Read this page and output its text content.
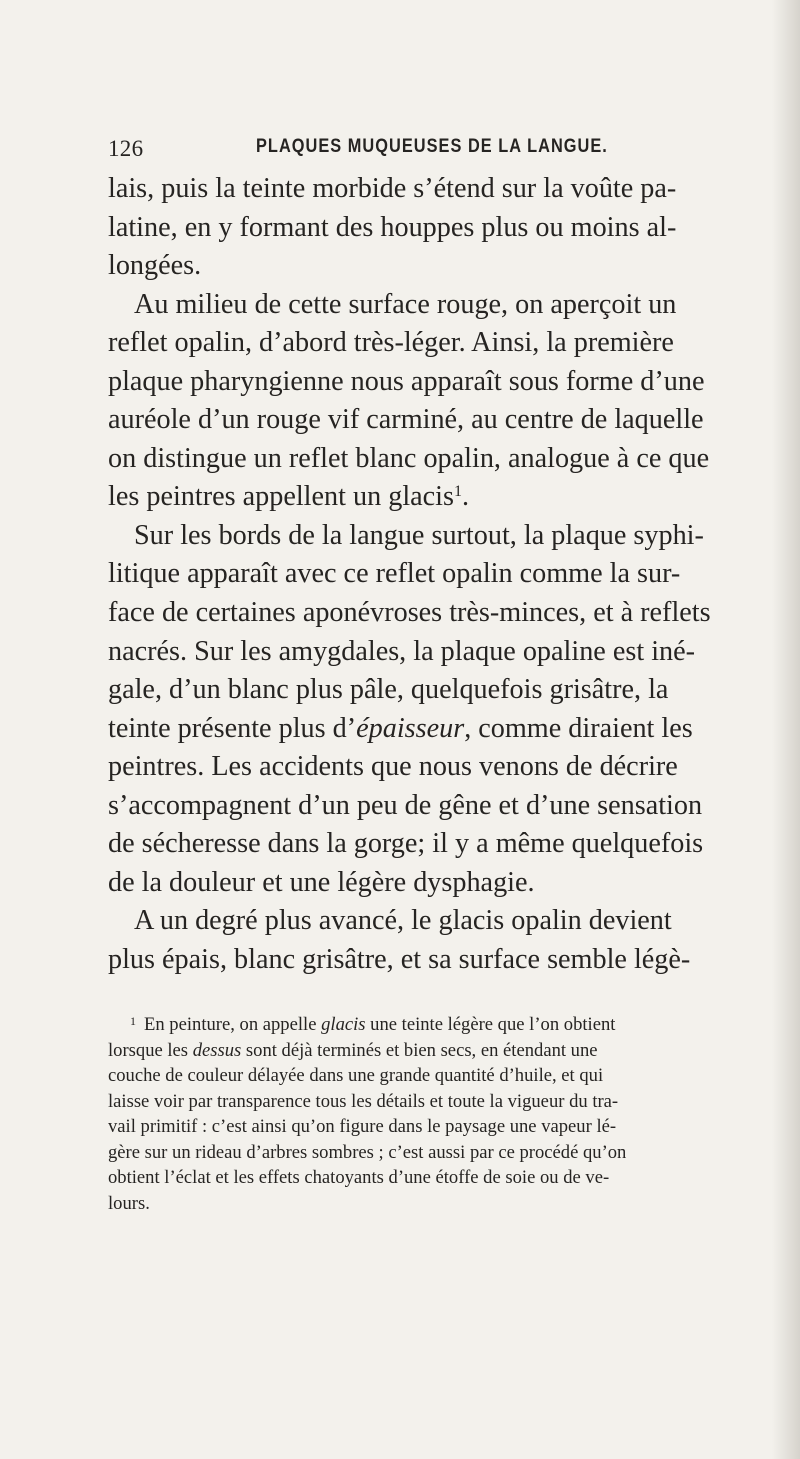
126	PLAQUES MUQUEUSES DE LA LANGUE.

lais, puis la teinte morbide s’étend sur la voûte pa-
latine, en y formant des houppes plus ou moins al-
longées.

Au milieu de cette surface rouge, on aperçoit un
reflet opalin, d’abord très-léger. Ainsi, la première
plaque pharyngienne nous apparaît sous forme d’une
auréole d’un rouge vif carminé, au centre de laquelle
on distingue un reflet blanc opalin, analogue à ce que
les peintres appellent un glacis$^1$.

Sur les bords de la langue surtout, la plaque syphi-
litique apparaît avec ce reflet opalin comme la sur-
face de certaines aponévroses très-minces, et à reflets
nacrés. Sur les amygdales, la plaque opaline est iné-
gale, d’un blanc plus pâle, quelquefois grisâtre, la
teinte présente plus d’épaisseur, comme diraient les
peintres. Les accidents que nous venons de décrire
s’accompagnent d’un peu de gêne et d’une sensation
de sécheresse dans la gorge; il y a même quelquefois
de la douleur et une légère dysphagie.

A un degré plus avancé, le glacis opalin devient
plus épais, blanc grisâtre, et sa surface semble légè-

$^1$ En peinture, on appelle glacis une teinte légère que l’on obtient
lorsque les dessus sont déjà terminés et bien secs, en étendant une
couche de couleur délayée dans une grande quantité d’huile, et qui
laisse voir par transparence tous les détails et toute la vigueur du tra-
vail primitif : c’est ainsi qu’on figure dans le paysage une vapeur lé-
gère sur un rideau d’arbres sombres ; c’est aussi par ce procédé qu’on
obtient l’éclat et les effets chatoyants d’une étoffe de soie ou de ve-
lours.
